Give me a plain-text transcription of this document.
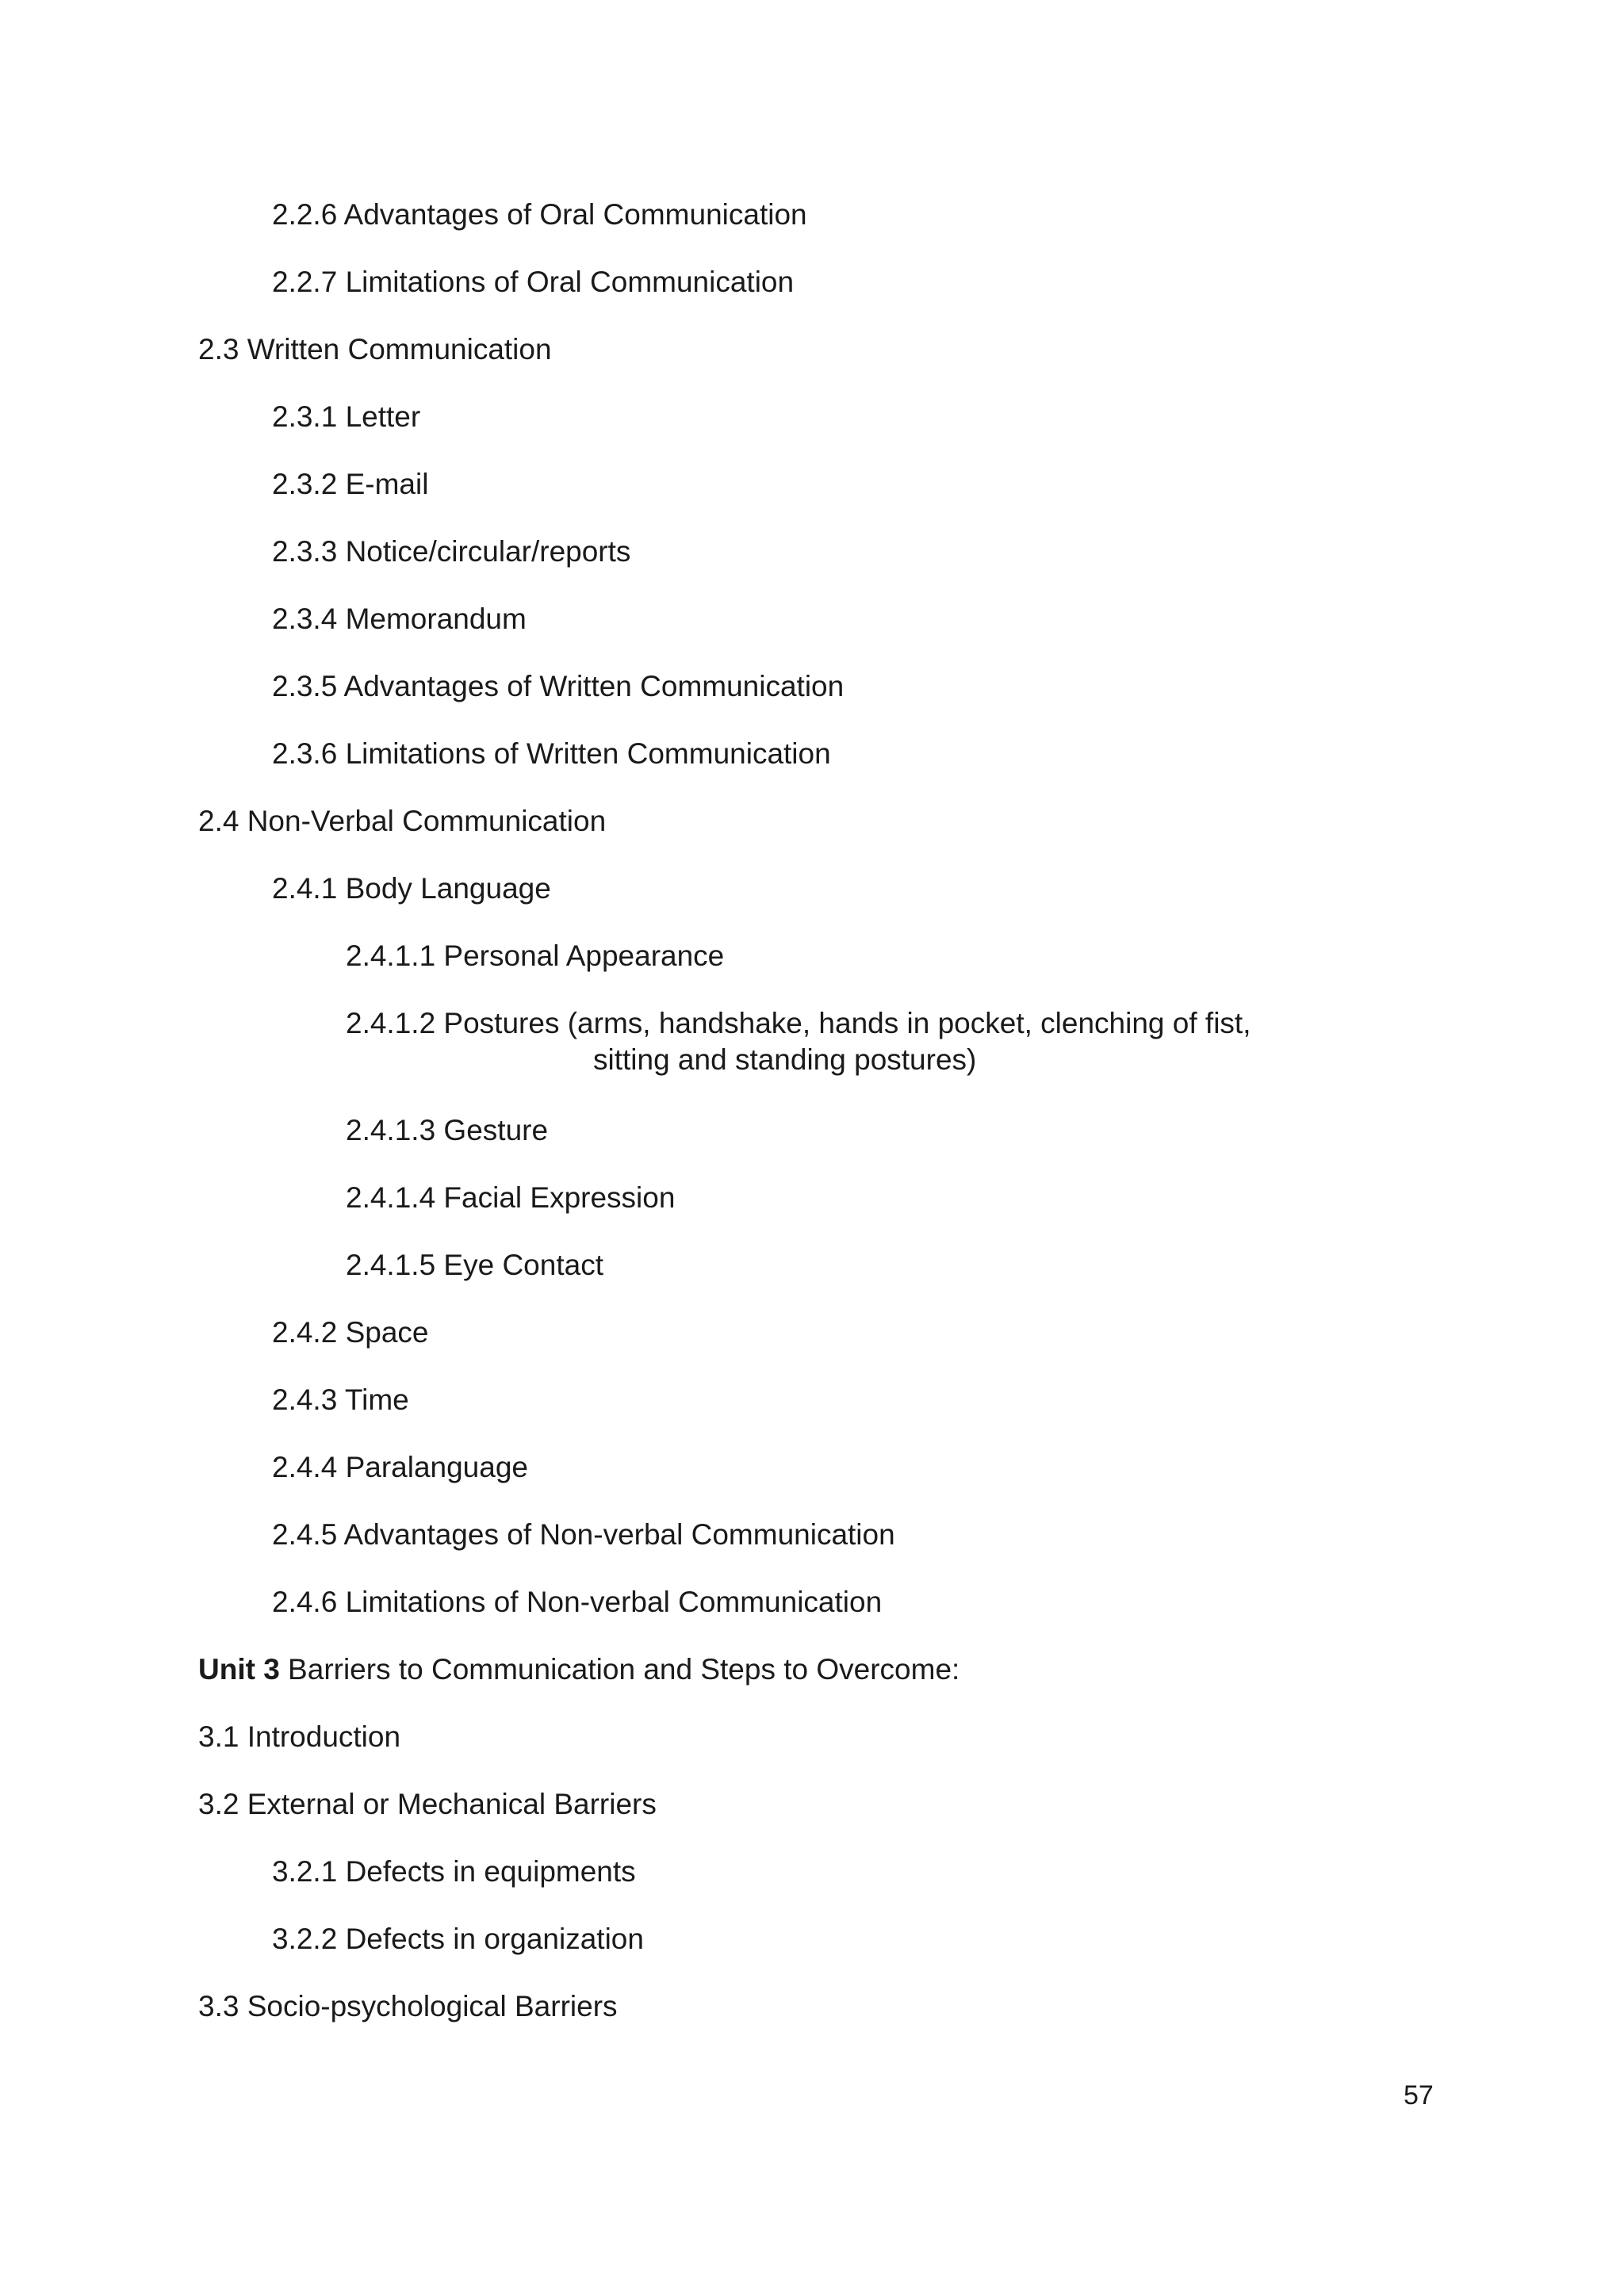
2.2.6 Advantages of Oral Communication
2.2.7 Limitations of Oral Communication
2.3 Written Communication
2.3.1 Letter
2.3.2 E-mail
2.3.3 Notice/circular/reports
2.3.4 Memorandum
2.3.5 Advantages of Written Communication
2.3.6 Limitations of Written Communication
2.4 Non-Verbal Communication
2.4.1 Body Language
2.4.1.1 Personal Appearance
2.4.1.2 Postures (arms, handshake, hands in pocket, clenching of fist,
sitting and standing postures)
2.4.1.3 Gesture
2.4.1.4 Facial Expression
2.4.1.5 Eye Contact
2.4.2 Space
2.4.3 Time
2.4.4 Paralanguage
2.4.5 Advantages of Non-verbal Communication
2.4.6 Limitations of Non-verbal Communication
Unit 3 Barriers to Communication and Steps to Overcome:
3.1 Introduction
3.2 External or Mechanical Barriers
3.2.1 Defects in equipments
3.2.2 Defects in organization
3.3 Socio-psychological Barriers
57
